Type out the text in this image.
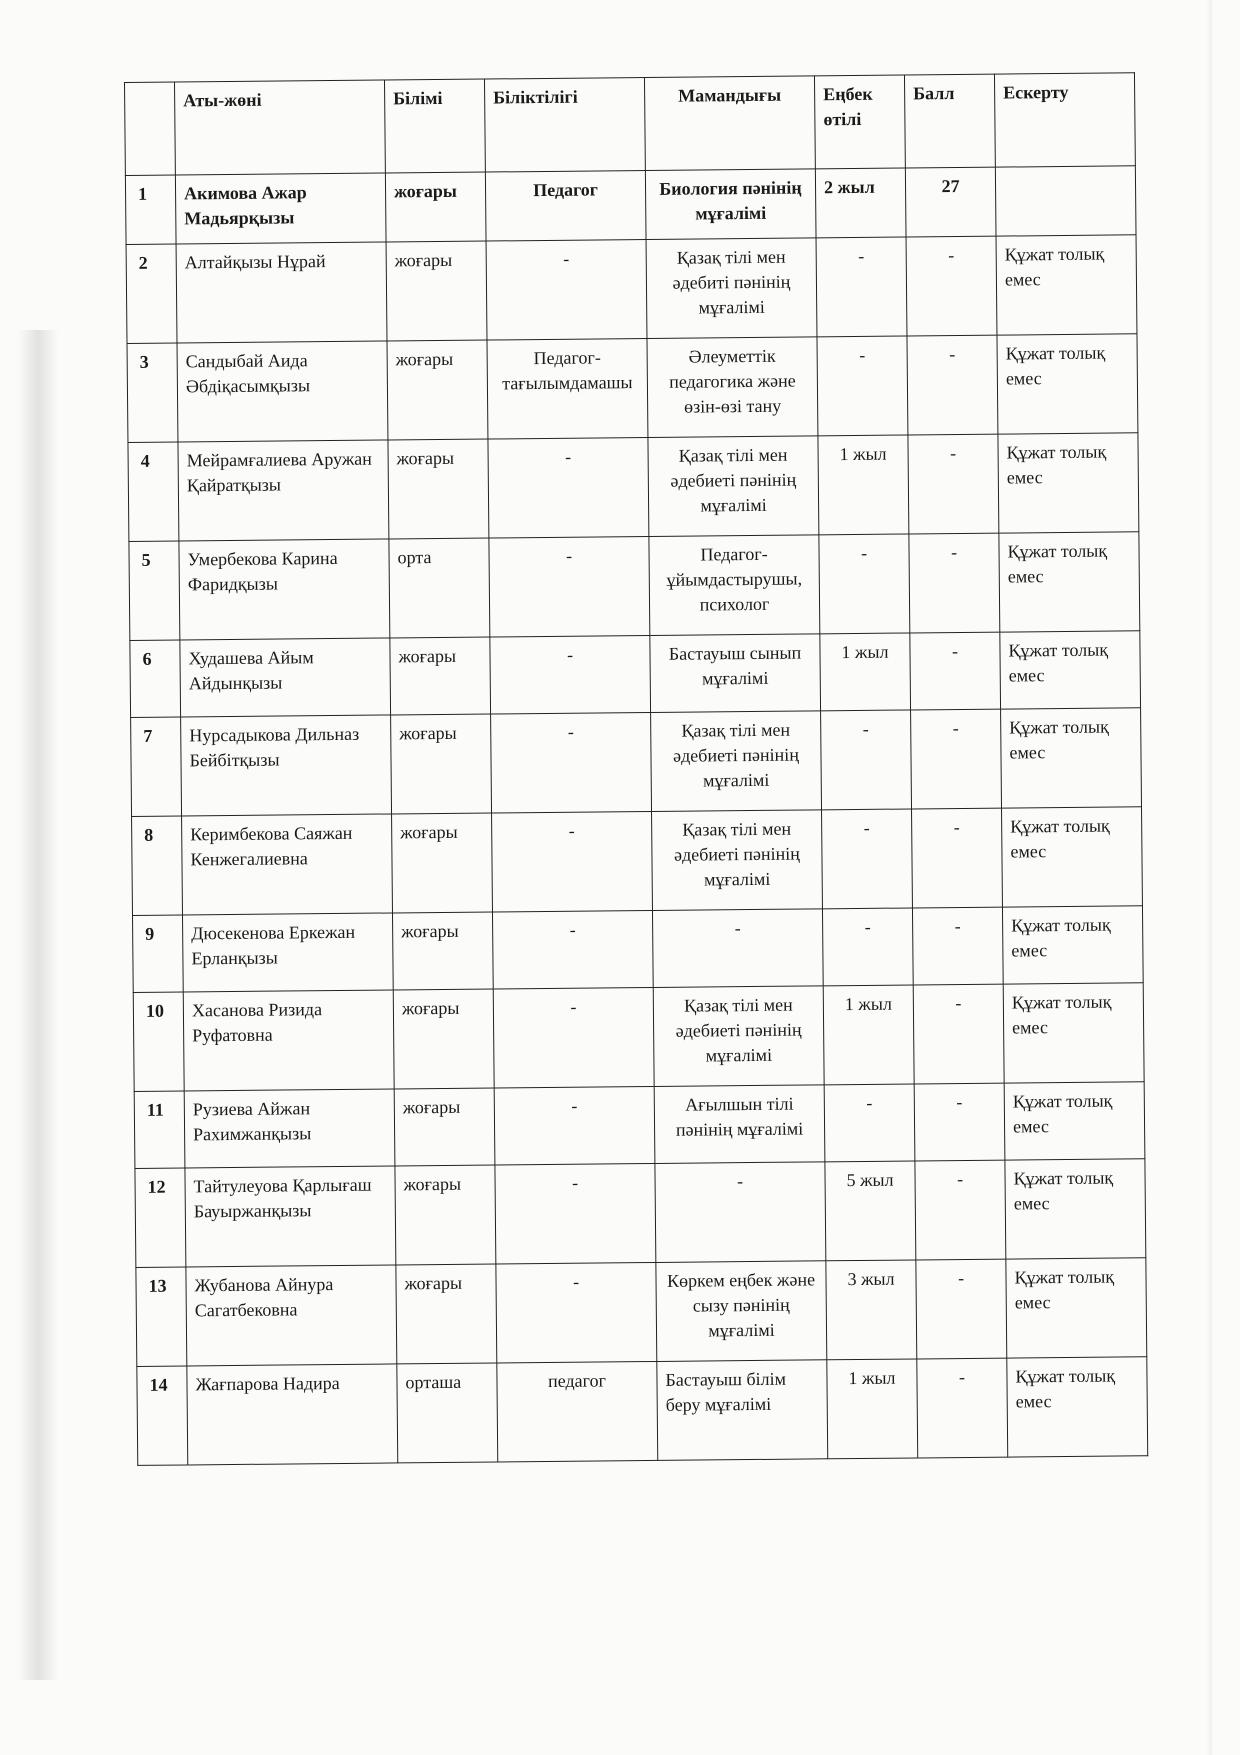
	Аты-жөні	Білімі	Біліктілігі	Мамандығы	Еңбек өтілі	Балл	Ескерту
1	Акимова Ажар Мадьярқызы	жоғары	Педагог	Биология пәнінің мұғалімі	2 жыл	27	
2	Алтайқызы Нұрай	жоғары	-	Қазақ тілі мен әдебиті пәнінің мұғалімі	-	-	Құжат толық емес
3	Сандыбай Аида Әбдіқасымқызы	жоғары	Педагог-тағылымдамашы	Әлеуметтік педагогика және өзін-өзі тану	-	-	Құжат толық емес
4	Мейрамғалиева Аружан Қайратқызы	жоғары	-	Қазақ тілі мен әдебиеті пәнінің мұғалімі	1 жыл	-	Құжат толық емес
5	Умербекова Карина Фаридқызы	орта	-	Педагог-ұйымдастырушы, психолог	-	-	Құжат толық емес
6	Худашева Айым Айдынқызы	жоғары	-	Бастауыш сынып мұғалімі	1 жыл	-	Құжат толық емес
7	Нурсадыкова Дильназ Бейбітқызы	жоғары	-	Қазақ тілі мен әдебиеті пәнінің мұғалімі	-	-	Құжат толық емес
8	Керимбекова Саяжан Кенжегалиевна	жоғары	-	Қазақ тілі мен әдебиеті пәнінің мұғалімі	-	-	Құжат толық емес
9	Дюсекенова Еркежан Ерланқызы	жоғары	-	-	-	-	Құжат толық емес
10	Хасанова Ризида Руфатовна	жоғары	-	Қазақ тілі мен әдебиеті пәнінің мұғалімі	1 жыл	-	Құжат толық емес
11	Рузиева Айжан Рахимжанқызы	жоғары	-	Ағылшын тілі пәнінің мұғалімі	-	-	Құжат толық емес
12	Тайтулеуова Қарлығаш Бауыржанқызы	жоғары	-	-	5 жыл	-	Құжат толық емес
13	Жубанова Айнура Сагатбековна	жоғары	-	Көркем еңбек және сызу пәнінің мұғалімі	3 жыл	-	Құжат толық емес
14	Жағпарова Надира	орташа	педагог	Бастауыш білім беру мұғалімі	1 жыл	-	Құжат толық емес
